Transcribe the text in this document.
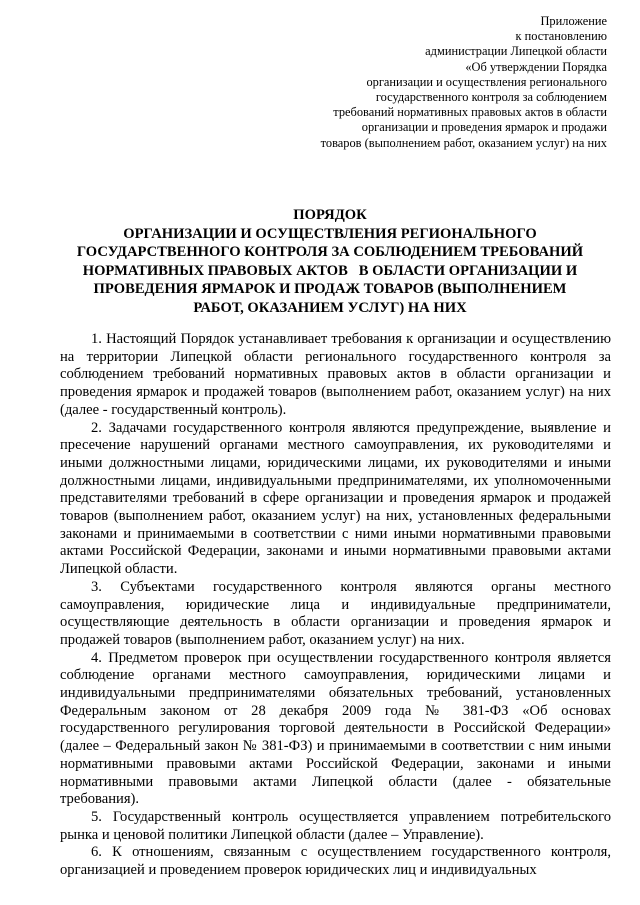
Приложение
к постановлению
администрации Липецкой области
«Об утверждении Порядка
организации и осуществления регионального
государственного контроля за соблюдением
требований нормативных правовых актов в области
организации и проведения ярмарок и продажи
товаров (выполнением работ, оказанием услуг) на них
ПОРЯДОК
ОРГАНИЗАЦИИ И ОСУЩЕСТВЛЕНИЯ РЕГИОНАЛЬНОГО
ГОСУДАРСТВЕННОГО КОНТРОЛЯ ЗА СОБЛЮДЕНИЕМ ТРЕБОВАНИЙ
НОРМАТИВНЫХ ПРАВОВЫХ АКТОВ   В ОБЛАСТИ ОРГАНИЗАЦИИ И
ПРОВЕДЕНИЯ ЯРМАРОК И ПРОДАЖ ТОВАРОВ (ВЫПОЛНЕНИЕМ
РАБОТ, ОКАЗАНИЕМ УСЛУГ) НА НИХ

1. Настоящий Порядок устанавливает требования к организации и осуществлению на территории Липецкой области регионального государственного контроля за соблюдением требований нормативных правовых актов в области организации и проведения ярмарок и продажей товаров (выполнением работ, оказанием услуг) на них (далее - государственный контроль).

2. Задачами государственного контроля являются предупреждение, выявление и пресечение нарушений органами местного самоуправления, их руководителями и иными должностными лицами, юридическими лицами, их руководителями и иными должностными лицами, индивидуальными предпринимателями, их уполномоченными представителями требований в сфере организации и проведения ярмарок и продажей товаров (выполнением работ, оказанием услуг) на них, установленных федеральными законами и принимаемыми в соответствии с ними иными нормативными правовыми актами Российской Федерации, законами и иными нормативными правовыми актами Липецкой области.

3. Субъектами государственного контроля являются органы местного самоуправления, юридические лица и индивидуальные предприниматели, осуществляющие деятельность в области организации и проведения ярмарок и продажей товаров (выполнением работ, оказанием услуг) на них.

4. Предметом проверок при осуществлении государственного контроля является соблюдение органами местного самоуправления, юридическими лицами и индивидуальными предпринимателями обязательных требований, установленных Федеральным законом от 28 декабря 2009 года № 381-ФЗ «Об основах государственного регулирования торговой деятельности в Российской Федерации» (далее – Федеральный закон № 381-ФЗ) и принимаемыми в соответствии с ним иными нормативными правовыми актами Российской Федерации, законами и иными нормативными правовыми актами Липецкой области (далее - обязательные требования).

5. Государственный контроль осуществляется управлением потребительского рынка и ценовой политики Липецкой области (далее – Управление).

6. К отношениям, связанным с осуществлением государственного контроля, организацией и проведением проверок юридических лиц и индивидуальных
